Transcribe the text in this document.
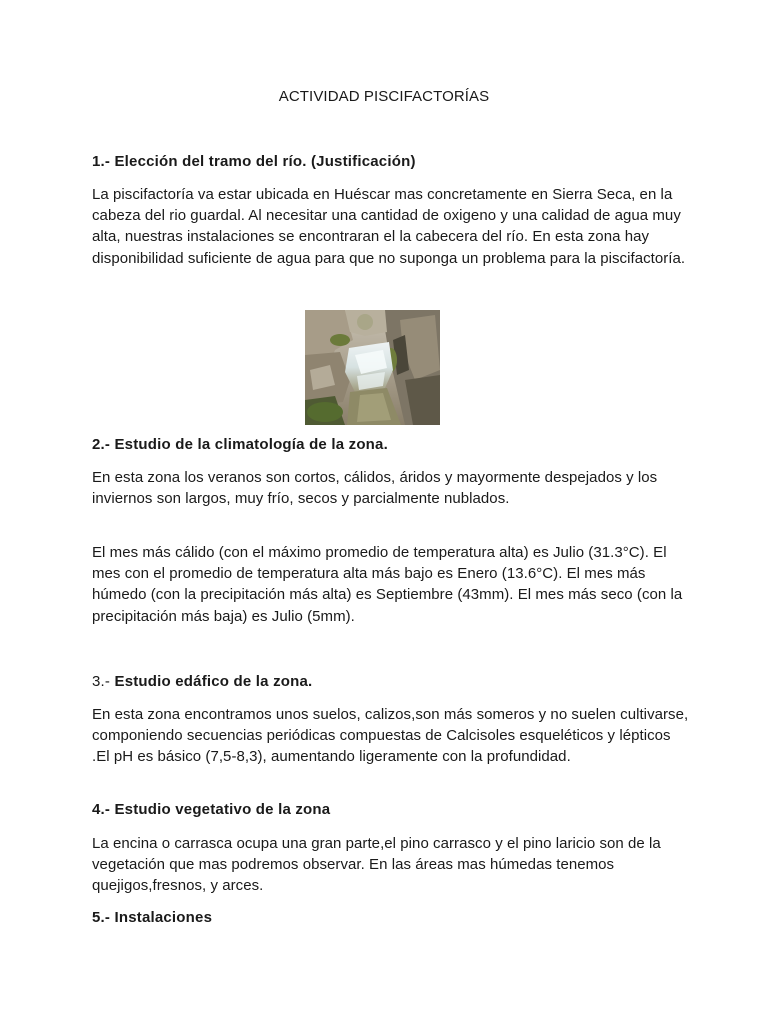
ACTIVIDAD PISCIFACTORÍAS
1.- Elección del tramo del río. (Justificación)

La piscifactoría va estar ubicada en Huéscar mas concretamente en Sierra Seca, en la cabeza del rio guardal. Al necesitar una cantidad de oxigeno y una calidad de agua muy alta, nuestras instalaciones se encontraran el la cabecera del río. En esta zona hay disponibilidad suficiente de agua para que no suponga un problema para la piscifactoría.

2.- Estudio de la climatología de la zona.

En esta zona los veranos son cortos, cálidos, áridos y mayormente despejados y los inviernos son largos, muy frío, secos y parcialmente nublados.

El mes más cálido (con el máximo promedio de temperatura alta) es Julio (31.3°C). El mes con el promedio de temperatura alta más bajo es Enero (13.6°C). El mes más húmedo (con la precipitación más alta) es Septiembre (43mm). El mes más seco (con la precipitación más baja) es Julio (5mm).

3.- Estudio edáfico de la zona.

En esta zona encontramos unos suelos, calizos,son más someros y no suelen cultivarse, componiendo secuencias periódicas compuestas de Calcisoles esqueléticos y lépticos .El pH es básico (7,5-8,3), aumentando ligeramente con la profundidad.

4.- Estudio vegetativo de la zona

La encina o carrasca ocupa una gran parte,el pino carrasco y el pino laricio son de la vegetación que mas podremos observar. En las áreas mas húmedas tenemos quejigos,fresnos, y arces.

5.- Instalaciones
